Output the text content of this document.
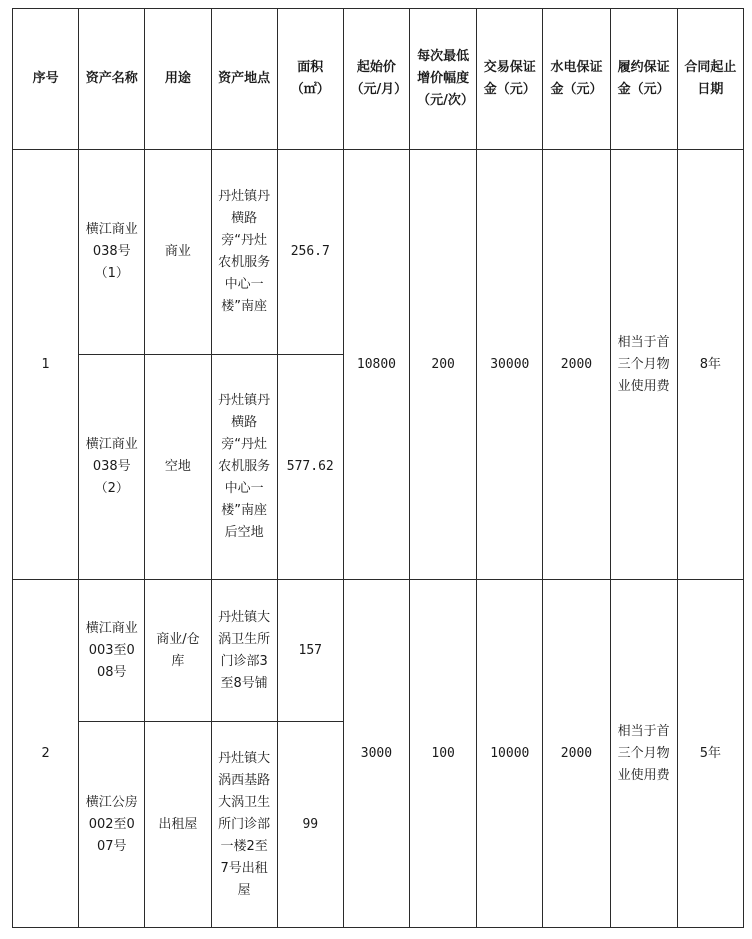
序号	资产名称	用途	资产地点	面积（㎡）	起始价（元/月）	每次最低增价幅度（元/次）	交易保证金（元）	水电保证金（元）	履约保证金（元）	合同起止日期
1	横江商业038号（1）	商业	丹灶镇丹横路旁“丹灶农机服务中心一楼”南座	256.7	10800	200	30000	2000	相当于首三个月物业使用费	8年
	横江商业038号（2）	空地	丹灶镇丹横路旁“丹灶农机服务中心一楼”南座后空地	577.62						
2	横江商业003至008号	商业/仓库	丹灶镇大涡卫生所门诊部3至8号铺	157	3000	100	10000	2000	相当于首三个月物业使用费	5年
	横江公房002至007号	出租屋	丹灶镇大涡西基路大涡卫生所门诊部一楼2至7号出租屋	99						
